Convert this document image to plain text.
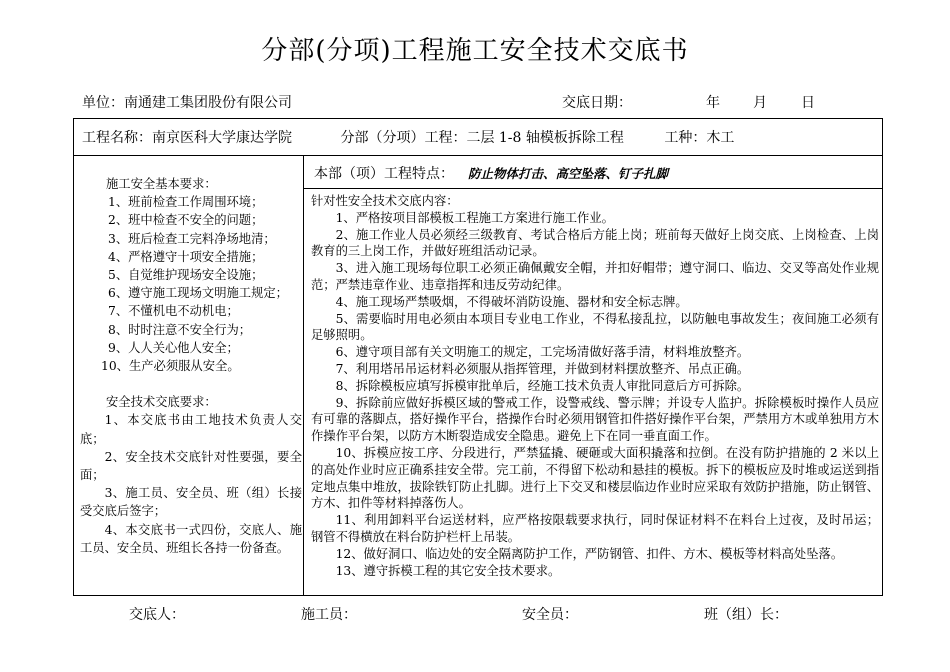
分部(分项)工程施工安全技术交底书
单位：南通建工集团股份有限公司	交底日期：	年 月 日
工程名称：南京医科大学康达学院	分部（分项）工程：二层 1-8 轴模板拆除工程	工种：木工
施工安全基本要求：
1、班前检查工作周围环境；
2、班中检查不安全的问题；
3、班后检查工完料净场地清；
4、严格遵守十项安全措施；
5、自觉维护现场安全设施；
6、遵守施工现场文明施工规定；
7、不懂机电不动机电；
8、时时注意不安全行为；
9、人人关心他人安全；
10、生产必须服从安全。
安全技术交底要求：
1、本交底书由工地技术负责人交底；
2、安全技术交底针对性要强，要全面；
3、施工员、安全员、班（组）长接受交底后签字；
4、本交底书一式四份，交底人、施工员、安全员、班组长各持一份备查。
本部（项）工程特点： 防止物体打击、高空坠落、钉子扎脚
针对性安全技术交底内容：
1、严格按项目部模板工程施工方案进行施工作业。
2、施工作业人员必须经三级教育、考试合格后方能上岗；班前每天做好上岗交底、上岗检查、上岗教育的三上岗工作，并做好班组活动记录。
3、进入施工现场每位职工必须正确佩戴安全帽，并扣好帽带；遵守洞口、临边、交叉等高处作业规范；严禁违章作业、违章指挥和违反劳动纪律。
4、施工现场严禁吸烟，不得破坏消防设施、器材和安全标志牌。
5、需要临时用电必须由本项目专业电工作业，不得私接乱拉，以防触电事故发生；夜间施工必须有足够照明。
6、遵守项目部有关文明施工的规定，工完场清做好落手清，材料堆放整齐。
7、利用塔吊吊运材料必须服从指挥管理，并做到材料摆放整齐、吊点正确。
8、拆除模板应填写拆模审批单后，经施工技术负责人审批同意后方可拆除。
9、拆除前应做好拆模区域的警戒工作，设警戒线、警示牌；并设专人监护。拆除模板时操作人员应有可靠的落脚点，搭好操作平台，搭操作台时必须用钢管扣件搭好操作平台架，严禁用方木或单独用方木作操作平台架，以防方木断裂造成安全隐患。避免上下在同一垂直面工作。
10、拆模应按工序、分段进行，严禁猛撬、硬砸或大面积撬落和拉倒。在没有防护措施的 2 米以上的高处作业时应正确系挂安全带。完工前，不得留下松动和悬挂的模板。拆下的模板应及时堆或运送到指定地点集中堆放，拔除铁钉防止扎脚。进行上下交叉和楼层临边作业时应采取有效防护措施，防止钢管、方木、扣件等材料掉落伤人。
11、利用卸料平台运送材料，应严格按限载要求执行，同时保证材料不在料台上过夜，及时吊运；钢管不得横放在料台防护栏杆上吊装。
12、做好洞口、临边处的安全隔离防护工作，严防钢管、扣件、方木、模板等材料高处坠落。
13、遵守拆模工程的其它安全技术要求。
交底人：	施工员：	安全员：	班（组）长：
